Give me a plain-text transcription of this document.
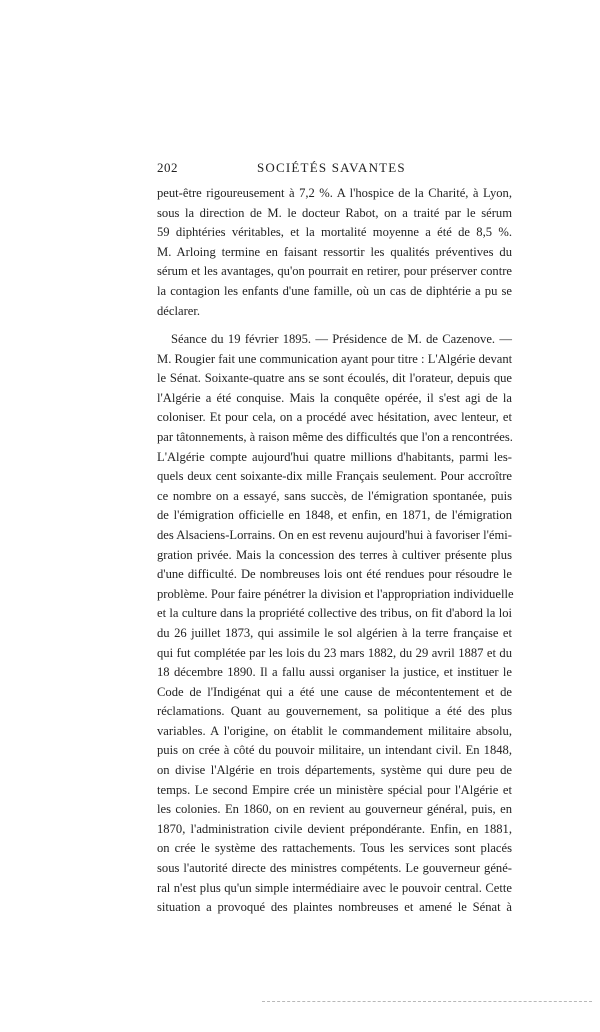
202	SOCIÉTÉS SAVANTES
peut-être rigoureusement à 7,2 %. A l'hospice de la Charité, à Lyon,
sous la direction de M. le docteur Rabot, on a traité par le sérum
59 diphtéries véritables, et la mortalité moyenne a été de 8,5 %.
M. Arloing termine en faisant ressortir les qualités préventives du
sérum et les avantages, qu'on pourrait en retirer, pour préserver contre
la contagion les enfants d'une famille, où un cas de diphtérie a pu se
déclarer.
Séance du 19 février 1895. — Présidence de M. de Cazenove. —
M. Rougier fait une communication ayant pour titre : L'Algérie devant
le Sénat. Soixante-quatre ans se sont écoulés, dit l'orateur, depuis que
l'Algérie a été conquise. Mais la conquête opérée, il s'est agi de la
coloniser. Et pour cela, on a procédé avec hésitation, avec lenteur, et
par tâtonnements, à raison même des difficultés que l'on a rencontrées.
L'Algérie compte aujourd'hui quatre millions d'habitants, parmi les-
quels deux cent soixante-dix mille Français seulement. Pour accroître
ce nombre on a essayé, sans succès, de l'émigration spontanée, puis
de l'émigration officielle en 1848, et enfin, en 1871, de l'émigration
des Alsaciens-Lorrains. On en est revenu aujourd'hui à favoriser l'émi-
gration privée. Mais la concession des terres à cultiver présente plus
d'une difficulté. De nombreuses lois ont été rendues pour résoudre le
problème. Pour faire pénétrer la division et l'appropriation individuelle
et la culture dans la propriété collective des tribus, on fit d'abord la loi
du 26 juillet 1873, qui assimile le sol algérien à la terre française et
qui fut complétée par les lois du 23 mars 1882, du 29 avril 1887 et du
18 décembre 1890. Il a fallu aussi organiser la justice, et instituer le
Code de l'Indigénat qui a été une cause de mécontentement et de
réclamations. Quant au gouvernement, sa politique a été des plus
variables. A l'origine, on établit le commandement militaire absolu,
puis on crée à côté du pouvoir militaire, un intendant civil. En 1848,
on divise l'Algérie en trois départements, système qui dure peu de
temps. Le second Empire crée un ministère spécial pour l'Algérie et
les colonies. En 1860, on en revient au gouverneur général, puis, en
1870, l'administration civile devient prépondérante. Enfin, en 1881,
on crée le système des rattachements. Tous les services sont placés
sous l'autorité directe des ministres compétents. Le gouverneur géné-
ral n'est plus qu'un simple intermédiaire avec le pouvoir central. Cette
situation a provoqué des plaintes nombreuses et amené le Sénat à
